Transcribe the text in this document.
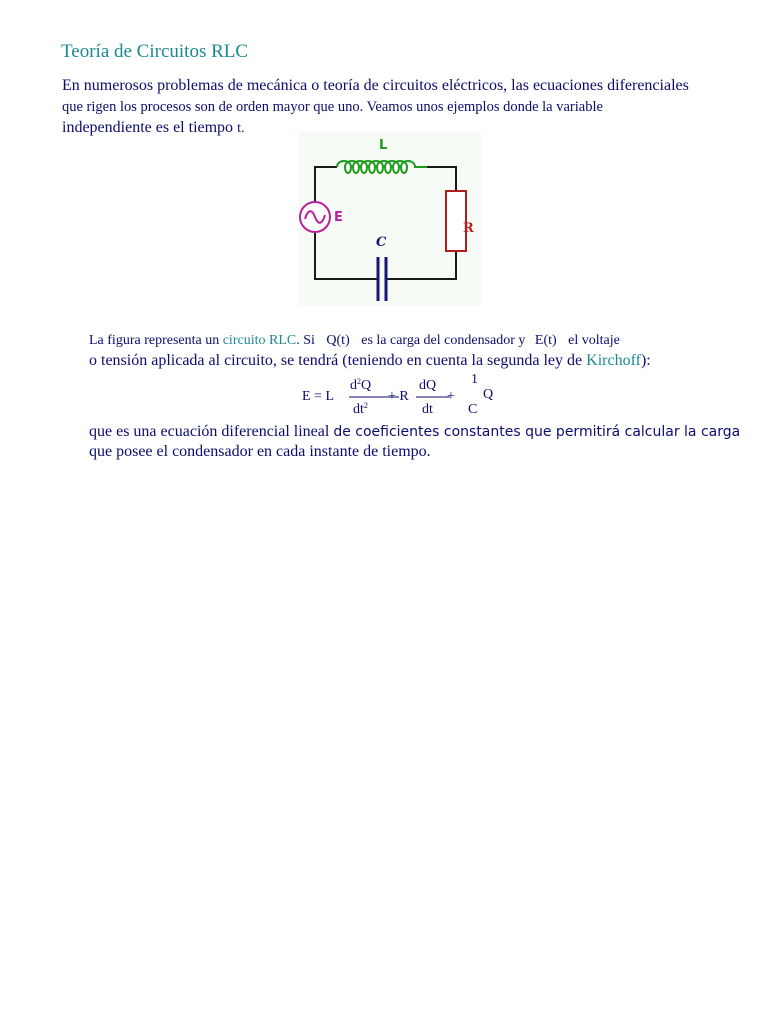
Teoría de Circuitos RLC
En numerosos problemas de mecánica o teoría de circuitos eléctricos, las ecuaciones diferenciales
que rigen los procesos son de orden mayor que uno. Veamos unos ejemplos donde la variable
independiente es el tiempo t.
L
R
E
C
La figura representa un circuito RLC. Si Q(t) es la carga del condensador y E(t) el voltaje
o tensión aplicada al circuito, se tendrá (teniendo en cuenta la segunda ley de Kirchoff):
E = L
$d^2Q$
$dt^2$
+ R
dQ
dt
+
1
C
Q
que es una ecuación diferencial lineal de coeficientes constantes que permitirá calcular la carga
que posee el condensador en cada instante de tiempo.
